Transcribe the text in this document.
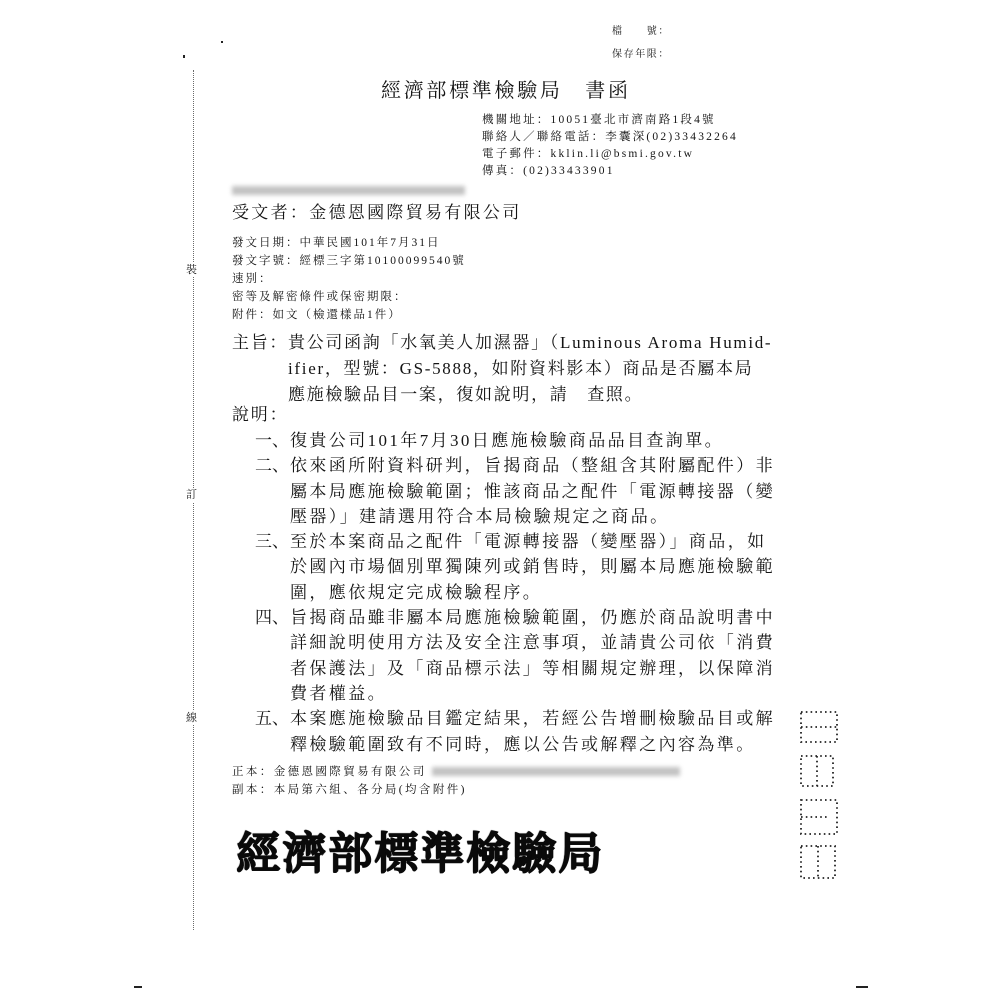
檔　　號：
保存年限：
裝
訂
線
經濟部標準檢驗局　書函
機關地址：10051臺北市濟南路1段4號
聯絡人／聯絡電話：李囊深(02)33432264
電子郵件：kklin.li@bsmi.gov.tw
傳真：(02)33433901
受文者：金德恩國際貿易有限公司
發文日期：中華民國101年7月31日
發文字號：經標三字第10100099540號
速別：
密等及解密條件或保密期限：
附件：如文（檢還樣品1件）
主旨： 貴公司函詢「水氧美人加濕器」（Luminous Aroma Humid-
ifier，型號：GS-5888，如附資料影本）商品是否屬本局
應施檢驗品目一案，復如說明，請　查照。
說明：
一、 復貴公司101年7月30日應施檢驗商品品目查詢單。
二、 依來函所附資料研判，旨揭商品（整組含其附屬配件）非
屬本局應施檢驗範圍；惟該商品之配件「電源轉接器（變
壓器）」建請選用符合本局檢驗規定之商品。
三、 至於本案商品之配件「電源轉接器（變壓器）」商品，如
於國內市場個別單獨陳列或銷售時，則屬本局應施檢驗範
圍，應依規定完成檢驗程序。
四、 旨揭商品雖非屬本局應施檢驗範圍，仍應於商品說明書中
詳細說明使用方法及安全注意事項，並請貴公司依「消費
者保護法」及「商品標示法」等相關規定辦理，以保障消
費者權益。
五、 本案應施檢驗品目鑑定結果，若經公告增刪檢驗品目或解
釋檢驗範圍致有不同時，應以公告或解釋之內容為準。
正本：金德恩國際貿易有限公司
副本：本局第六組、各分局(均含附件)
經濟部標準檢驗局
